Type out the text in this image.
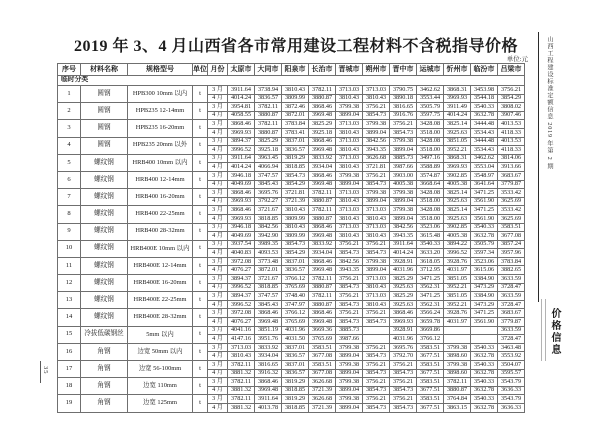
2019 年 3、4 月山西省各市常用建设工程材料不含税指导价格
单位:元
序号	材料名称	规格型号	单位	月份	太原市	大同市	阳泉市	长治市	晋城市	朔州市	晋中市	运城市	忻州市	临汾市	吕梁市
临时分类															
1	圆钢	HPB300 10mm 以内	t	3 月	3911.64	3738.94	3810.43	3782.11	3713.03	3713.03	3790.75	3462.62	3868.31	3453.98	3756.21
				4 月	4014.24	3836.57	3809.99	3880.87	3810.43	3810.43	3890.18	3553.44	3969.93	3544.18	3854.29
2	圆钢	HPB235 12-14mm	t	3 月	3954.81	3782.11	3872.46	3868.46	3799.38	3756.21	3816.65	3505.79	3911.49	3540.33	3808.02
				4 月	4058.55	3880.87	3872.01	3969.48	3899.04	3854.73	3916.76	3597.75	4014.24	3632.78	3907.46
3	圆钢	HPB235 16-20mm	t	3 月	3868.46	3782.11	3783.84	3825.29	3713.03	3799.38	3756.21	3428.08	3825.14	3444.48	4013.53
				4 月	3969.93	3880.87	3783.41	3925.18	3810.43	3899.04	3854.73	3518.00	3925.63	3534.43	4118.33
4	圆钢	HPB235 20mm 以外	t	3 月	3894.37	3825.29	3837.01	3868.46	3713.03	3842.56	3799.38	3428.08	3851.05	3444.48	4013.53
				4 月	3996.52	3925.18	3836.57	3969.48	3810.43	3943.35	3899.04	3518.00	3952.21	3534.43	4118.33
5	螺纹钢	HRB400 10mm 以内	t	3 月	3911.64	3963.45	3819.29	3833.92	3713.03	3626.68	3885.73	3497.16	3868.31	3462.62	3814.06
				4 月	4014.24	4066.94	3818.85	3934.04	3810.43	3721.81	3987.66	3588.89	3969.93	3553.04	3913.66
6	螺纹钢	HRB400 12-14mm	t	3 月	3946.18	3747.57	3854.73	3868.46	3799.38	3756.21	3903.00	3574.87	3902.85	3548.97	3683.67
				4 月	4049.69	3845.43	3854.29	3969.48	3899.04	3854.73	4005.38	3668.64	4005.38	3641.64	3779.87
7	螺纹钢	HRB400 16-20mm	t	3 月	3868.46	3695.76	3721.81	3782.11	3713.03	3799.38	3799.38	3428.08	3825.14	3471.25	3533.42
				4 月	3969.93	3792.27	3721.39	3880.87	3810.43	3899.04	3899.04	3518.00	3925.63	3561.90	3625.69
8	螺纹钢	HRB400 22-25mm	t	3 月	3868.46	3721.67	3810.43	3782.11	3713.03	3713.03	3799.38	3428.08	3825.14	3471.25	3533.42
				4 月	3969.93	3818.85	3809.99	3880.87	3810.43	3810.43	3899.04	3518.00	3925.63	3561.90	3625.69
9	螺纹钢	HRB400 28-32mm	t	3 月	3946.18	3842.56	3810.43	3868.46	3713.03	3713.03	3842.56	3523.06	3902.85	3540.33	3583.51
				4 月	4049.69	3942.90	3809.99	3969.48	3810.43	3810.43	3943.35	3615.48	4005.38	3632.78	3677.08
10	螺纹钢	HRB400E 10mm 以内	t	3 月	3937.54	3989.35	3854.73	3833.92	3756.21	3756.21	3911.64	3540.33	3894.22	3505.79	3857.24
				4 月	4040.83	4093.53	3854.29	3934.04	3854.73	3854.73	4014.24	3633.20	3996.52	3597.34	3957.96
11	螺纹钢	HRB400E 12-14mm	t	3 月	3972.08	3773.48	3837.01	3868.46	3842.56	3799.38	3928.91	3618.05	3928.76	3523.06	3783.84
				4 月	4076.27	3872.01	3836.57	3969.48	3943.35	3899.04	4031.96	3712.95	4031.97	3615.06	3882.65
12	螺纹钢	HRB400E 16-20mm	t	3 月	3894.37	3721.67	3766.12	3782.11	3756.21	3713.03	3825.29	3471.25	3851.05	3384.90	3633.59
				4 月	3996.52	3818.85	3765.69	3880.87	3854.73	3810.43	3925.63	3562.31	3952.21	3473.29	3728.47
13	螺纹钢	HRB400E 22-25mm	t	3 月	3894.37	3747.57	3748.40	3782.11	3756.21	3713.03	3825.29	3471.25	3851.05	3384.90	3633.59
				4 月	3996.52	3845.43	3747.97	3880.87	3854.73	3810.43	3925.63	3562.31	3952.21	3473.29	3728.47
14	螺纹钢	HRB400E 28-32mm	t	3 月	3972.08	3868.46	3766.12	3868.46	3756.21	3756.21	3868.46	3566.24	3928.76	3471.25	3683.67
				4 月	4076.27	3969.48	3765.69	3969.48	3854.73	3854.73	3969.93	3659.78	4031.97	3561.90	3779.87
15	冷拔低碳钢丝	5mm 以内	t	3 月	4041.16	3851.19	4031.96	3669.36	3885.73		3928.91	3669.86			3633.59
				4 月	4147.16	3951.76	4031.50	3765.69	3987.66		4031.96	3766.12			3728.47
16	角钢	边宽 50mm 以内	t	3 月	3713.03	3833.92	3837.01	3583.51	3799.38	3756.21	3695.76	3583.51	3799.38	3540.33	3463.48
				4 月	3810.43	3934.04	3836.57	3677.08	3899.04	3854.73	3792.70	3677.51	3898.60	3632.78	3553.92
17	角钢	边宽 56-100mm	t	3 月	3782.11	3816.65	3837.01	3583.51	3799.38	3756.21	3756.21	3583.51	3799.38	3540.33	3504.07
				4 月	3881.32	3916.32	3836.57	3677.08	3899.04	3854.73	3854.73	3677.51	3898.60	3632.78	3595.57
18	角钢	边宽 110mm	t	3 月	3782.11	3868.46	3819.29	3626.68	3799.38	3756.21	3756.21	3583.51	3782.11	3540.33	3543.79
				4 月	3881.32	3969.48	3818.85	3721.39	3899.04	3854.73	3854.73	3677.51	3880.87	3632.78	3636.33
19	角钢	边宽 125mm	t	3 月	3782.11	3911.64	3819.29	3626.68	3799.38	3756.21	3756.21	3583.51	3764.84	3540.33	3543.79
				4 月	3881.32	4013.78	3818.85	3721.39	3899.04	3854.73	3854.73	3677.51	3863.15	3632.78	3636.33
35
山西工程建设标准定额信息 2019 年第 2 期
价格信息
